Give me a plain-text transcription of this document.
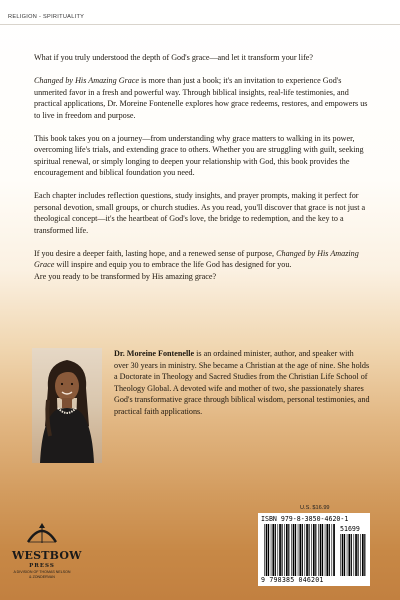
RELIGION - SPIRITUALITY

What if you truly understood the depth of God's grace—and let it transform your life?

Changed by His Amazing Grace is more than just a book; it's an invitation to experience God's unmerited favor in a fresh and powerful way. Through biblical insights, real-life testimonies, and practical applications, Dr. Moreine Fontenelle explores how grace redeems, restores, and empowers us to live in freedom and purpose.

This book takes you on a journey—from understanding why grace matters to walking in its power, overcoming life's trials, and extending grace to others. Whether you are struggling with guilt, seeking spiritual renewal, or simply longing to deepen your relationship with God, this book provides the encouragement and biblical foundation you need.

Each chapter includes reflection questions, study insights, and prayer prompts, making it perfect for personal devotion, small groups, or church studies. As you read, you'll discover that grace is not just a theological concept—it's the heartbeat of God's love, the bridge to redemption, and the key to a transformed life.

If you desire a deeper faith, lasting hope, and a renewed sense of purpose, Changed by His Amazing Grace will inspire and equip you to embrace the life God has designed for you.

Are you ready to be transformed by His amazing grace?

Dr. Moreine Fontenelle is an ordained minister, author, and speaker with over 30 years in ministry. She became a Christian at the age of nine. She holds a Doctorate in Theology and Sacred Studies from the Christian Life School of Theology Global. A devoted wife and mother of two, she passionately shares God's transformative grace through biblical wisdom, personal testimonies, and practical faith applications.
U.S. $16.99
ISBN 979-8-3850-4620-1
51699
9 798385 046201
WESTBOW
PRESS
A DIVISION OF THOMAS NELSON
& ZONDERVAN
